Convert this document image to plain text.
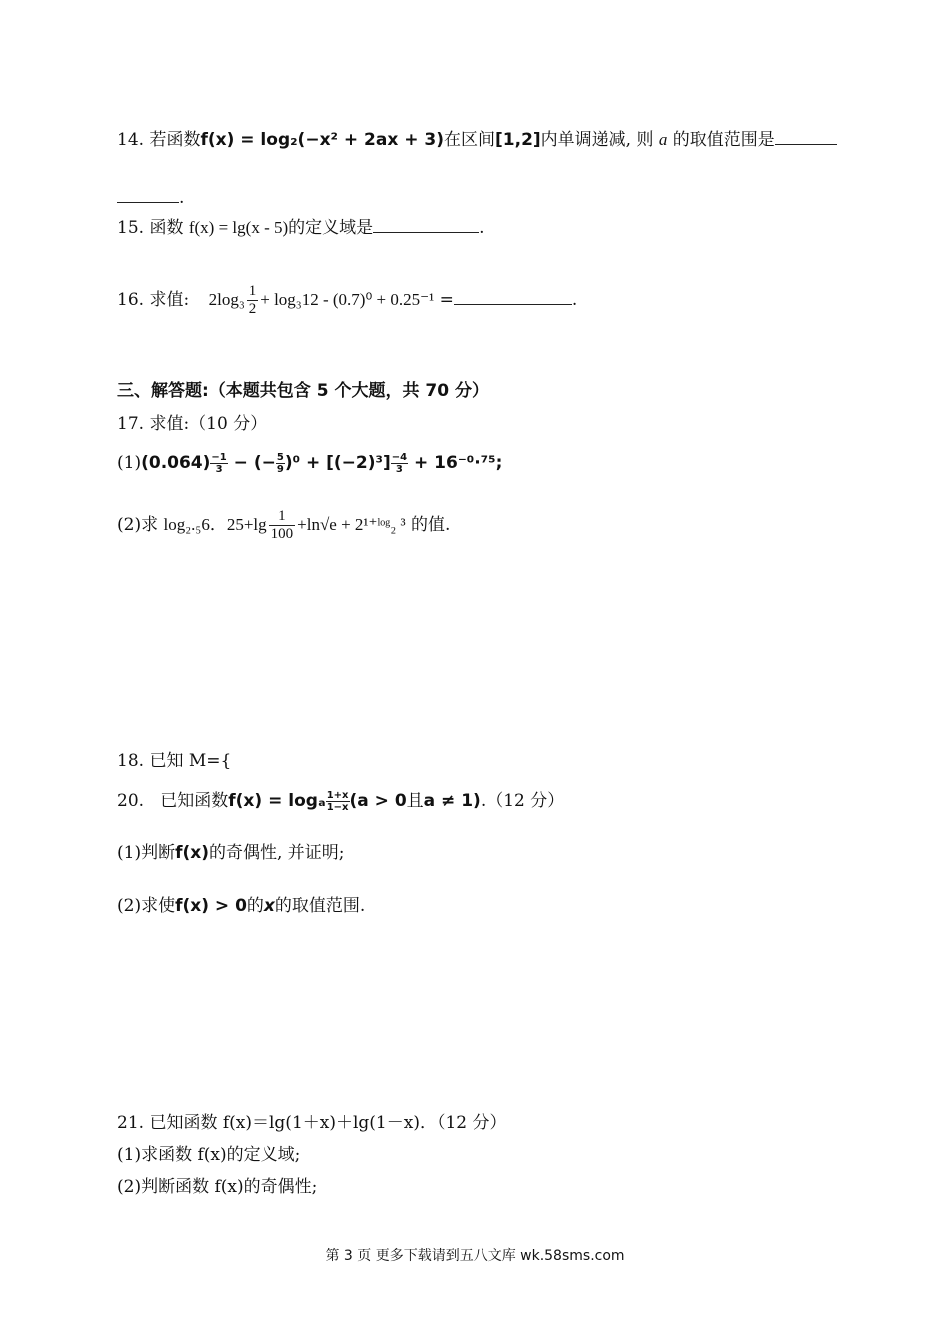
14. 若函数f(x) = log₂(−x² + 2ax + 3)在区间[1,2]内单调递减, 则 a 的取值范围是
.
15. 函数 f(x) = lg(x - 5)的定义域是	.
16. 求值: $2\log_3 \frac{1}{2} + \log_312 - (0.7)^0 + 0.25^{-1}$ =	.
三、解答题:（本题共包含 5 个大题，共 70 分）
17. 求值:（10 分）
$(1)(0.064) \frac{-1}{3}$ − (− $\frac{5}{9} )^0 + [(-2)^3] \frac{-4}{3} + 16^{-0}\cdot^{75}$;
(2)求 log₂.₅6．$25+\lg \frac{1}{100} +\ln√e$ + 2¹⁺ˡᵒᵍ₂ ³ 的值.
18. 已知 M={
20. 已知函数f(x) = logₐ $\frac{1+x}{1-x} (a > 0$且a ≠ 1).（12 分）
(1)判断f(x)的奇偶性, 并证明;
(2)求使f(x) > 0的x的取值范围.
21. 已知函数 f(x)＝lg(1＋x)＋lg(1－x)．（12 分）
(1)求函数 f(x)的定义域;
(2)判断函数 f(x)的奇偶性;
第 3 页 更多下载请到五八文库 wk.58sms.com
